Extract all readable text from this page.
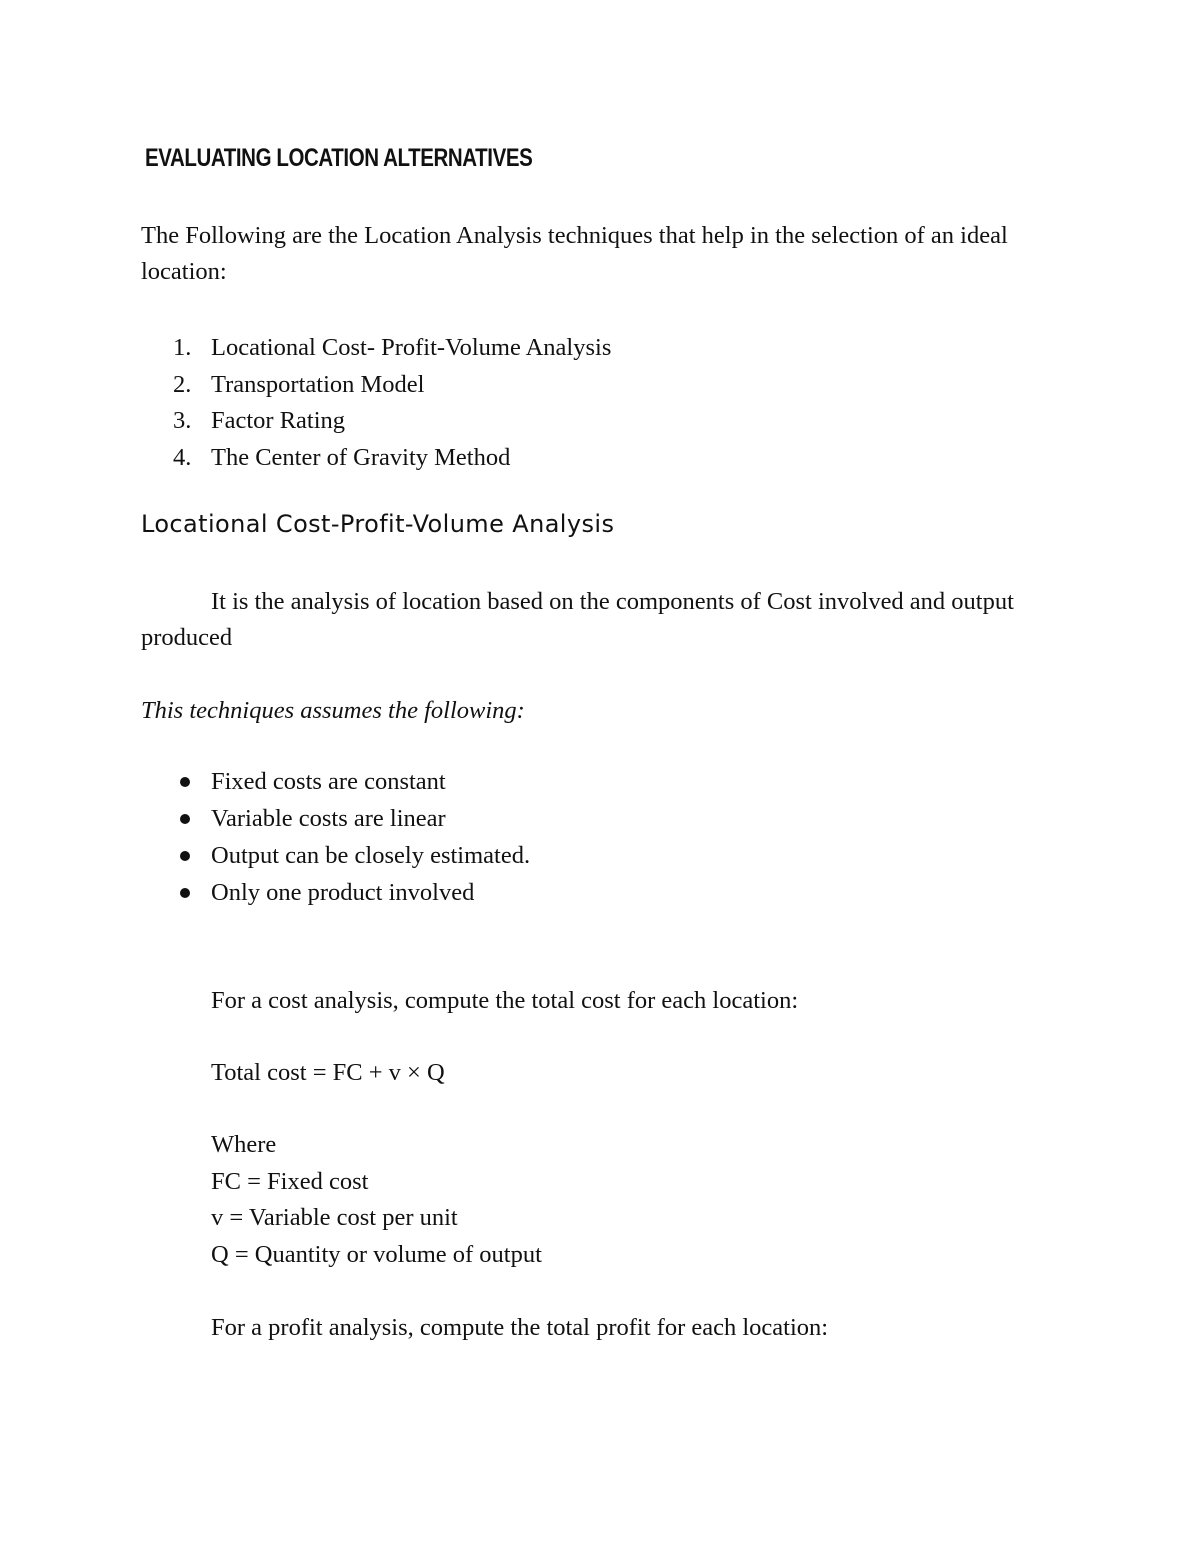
EVALUATING LOCATION ALTERNATIVES

The Following are the Location Analysis techniques that help in the selection of an ideal location:

1. Locational Cost- Profit-Volume Analysis
2. Transportation Model
3. Factor Rating
4. The Center of Gravity Method
Locational Cost-Profit-Volume Analysis

It is the analysis of location based on the components of Cost involved and output produced

This techniques assumes the following:

Fixed costs are constant
Variable costs are linear
Output can be closely estimated.
Only one product involved

For a cost analysis, compute the total cost for each location:

Total cost = FC + v × Q

Where
FC = Fixed cost
v = Variable cost per unit
Q = Quantity or volume of output

For a profit analysis, compute the total profit for each location:
